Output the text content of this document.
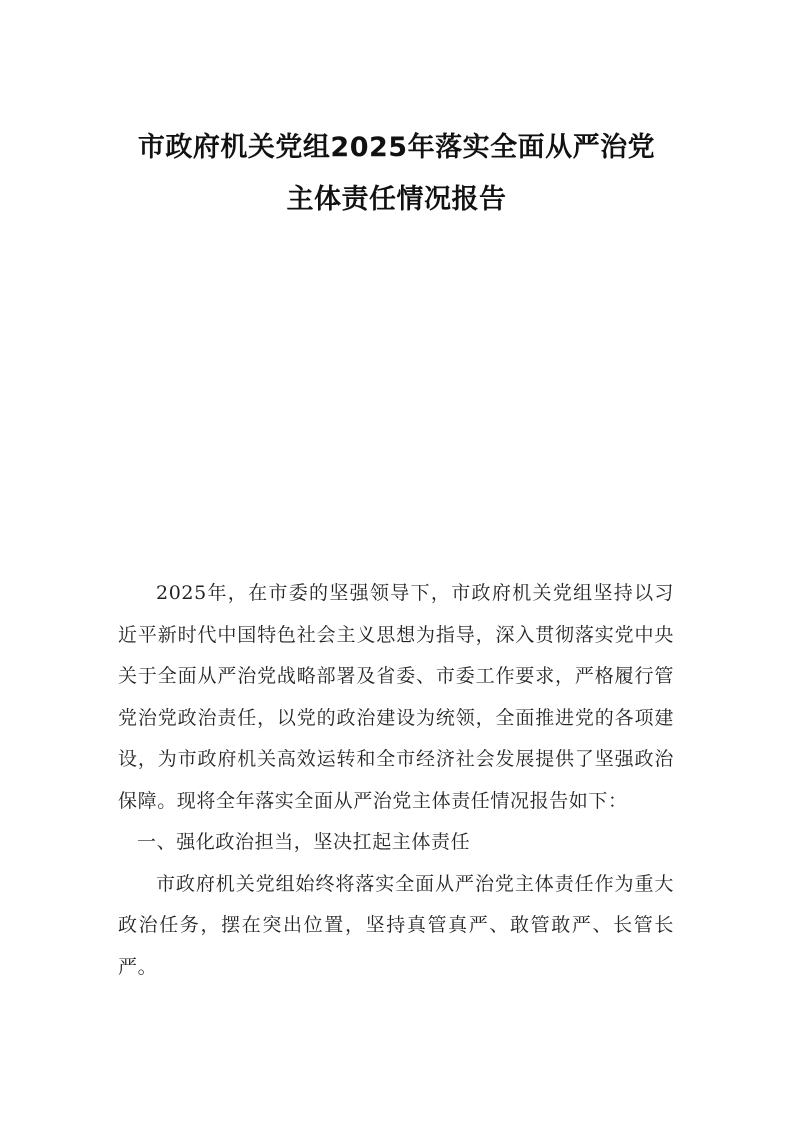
市政府机关党组2025年落实全面从严治党
主体责任情况报告

2025年，在市委的坚强领导下，市政府机关党组坚持以习近平新时代中国特色社会主义思想为指导，深入贯彻落实党中央关于全面从严治党战略部署及省委、市委工作要求，严格履行管党治党政治责任，以党的政治建设为统领，全面推进党的各项建设，为市政府机关高效运转和全市经济社会发展提供了坚强政治保障。现将全年落实全面从严治党主体责任情况报告如下：

一、强化政治担当，坚决扛起主体责任

市政府机关党组始终将落实全面从严治党主体责任作为重大政治任务，摆在突出位置，坚持真管真严、敢管敢严、长管长严。
